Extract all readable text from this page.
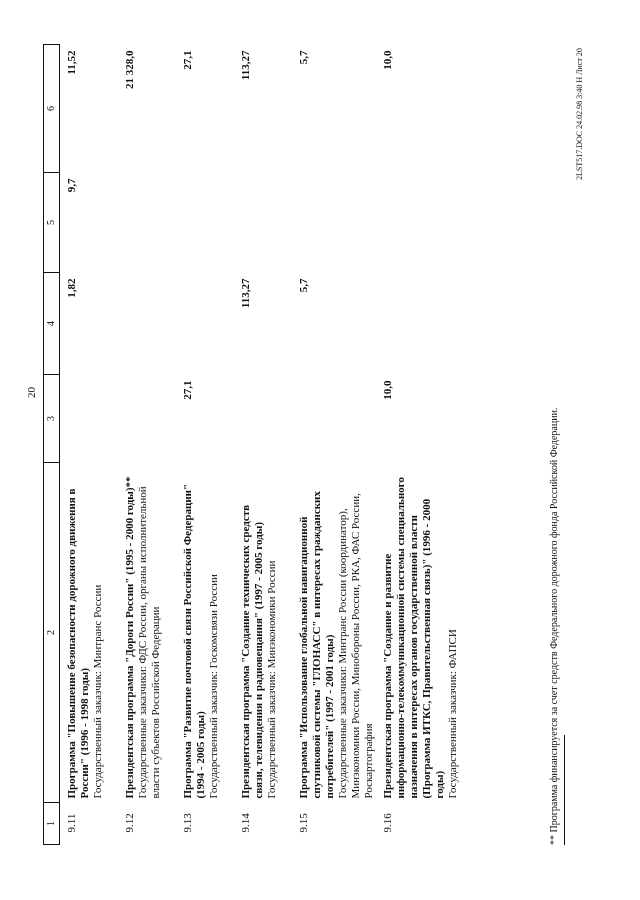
20
1	2	3	4	5	6
9.11	Программа "Повышение безопасности дорожного движения в России" (1996 - 1998 годы) Государственный заказчик: Минтранс России		1,82	9,7	11,52
9.12	Президентская программа "Дороги России" (1995 - 2000 годы)** Государственные заказчики: ФДС России, органы исполнительной власти субъектов Российской Федерации				21 328,0
9.13	Программа "Развитие почтовой связи Российской Федерации" (1994 - 2005 годы) Государственный заказчик: Госкомсвязи России	27,1			27,1
9.14	Президентская программа "Создание технических средств связи, телевидения и радиовещания" (1997 - 2005 годы) Государственный заказчик: Минэкономики России		113,27		113,27
9.15	Программа "Использование глобальной навигационной спутниковой системы "ГЛОНАСС" в интересах гражданских потребителей" (1997 - 2001 годы) Государственные заказчики: Минтранс России (координатор), Минэкономики России, Минобороны России, РКА, ФАС России, Роскартография		5,7		5,7
9.16	Президентская программа "Создание и развитие информационно-телекоммуникационной системы специального назначения в интересах органов государственной власти (Программа ИТКС, Правительственная связь)" (1996 - 2000 годы) Государственный заказчик: ФАПСИ	10,0			10,0
** Программа финансируется за счет средств Федерального дорожного фонда Российской Федерации.
2LST517.DOC 24.02.98 3:40 Н Лист 20
